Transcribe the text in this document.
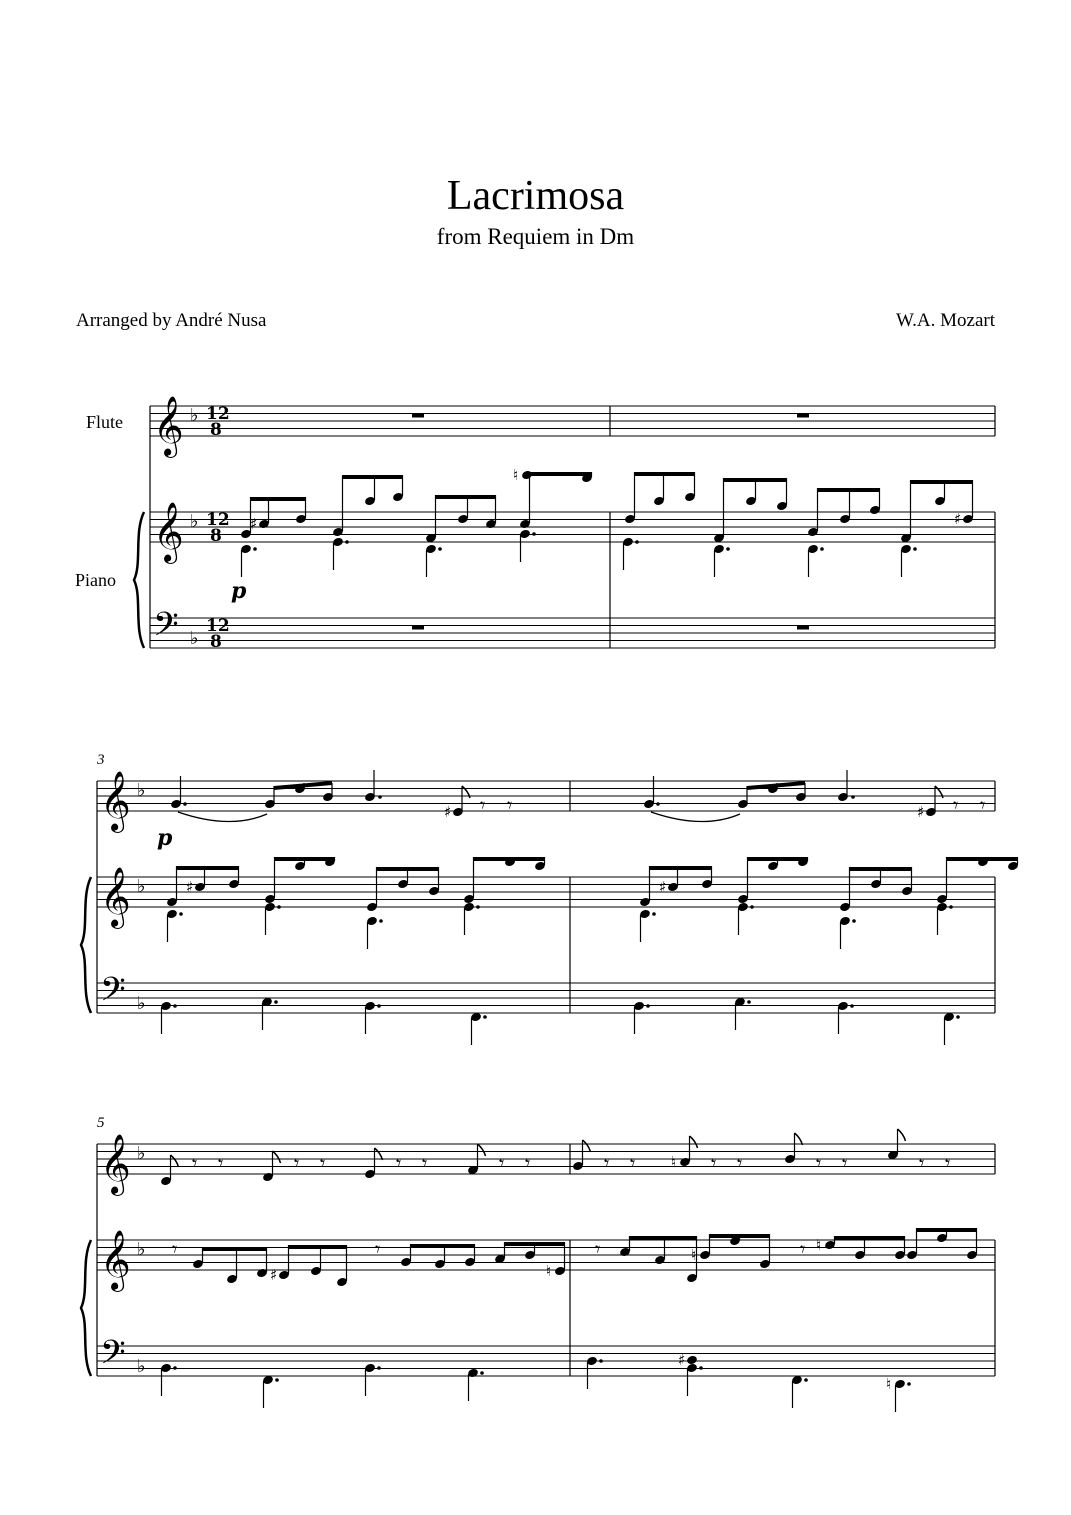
Lacrimosa
from Requiem in Dm
Arranged by André Nusa	W.A. Mozart
Flute
Piano
3
5
p
p
𝄞 ♭ 12
8
𝄞 ♭ 12
8
𝄢 ♭
12
8
𝄞 ♭
𝄞 ♭
𝄢 ♭
𝄞 ♭
𝄞 ♭
𝄢 ♭
♯
♮
♯
♯ 𝄾 𝄾	♯ 𝄾 𝄾
♯	♯
𝄾 𝄾	𝄾 𝄾	𝄾 𝄾	𝄾 𝄾	𝄾 𝄾 ♮ 𝄾 𝄾	𝄾 𝄾	𝄾 𝄾
𝄾
♯
𝄾
♮
𝄾	♮	𝄾 ♮
♯
♮
